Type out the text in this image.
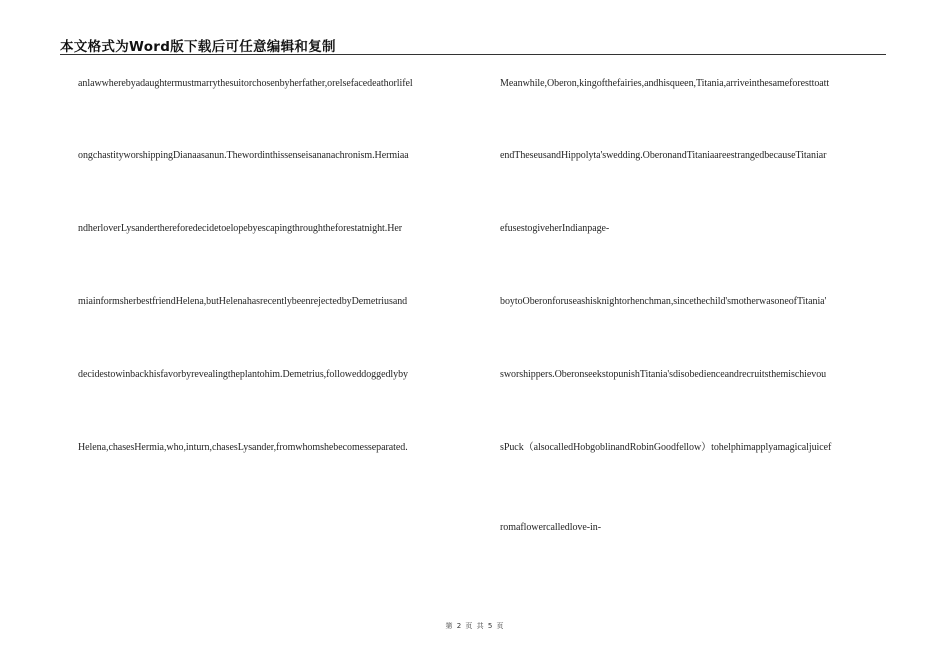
本文格式为Word版下载后可任意编辑和复制
anlawwherebyadaughtermustmarrythesuitorchosenbyherfather,orelsefacedeathorlifel
ongchastityworshippingDianaasanun.Thewordinthissenseisananachronism.Hermiaa
ndherloverLysanderthereforedecidetoelopebyescapingthroughtheforestatnight.Her
miainformsherbestfriendHelena,butHelenahasrecentlybeenrejectedbyDemetriusand
decidestowinbackhisfavorbyrevealingtheplantohim.Demetrius,followeddoggedlyby
Helena,chasesHermia,who,inturn,chasesLysander,fromwhomshebecomesseparated.
Meanwhile,Oberon,kingofthefairies,andhisqueen,Titania,arriveinthesameforesttoatt
endTheseusandHippolyta'swedding.OberonandTitaniaareestrangedbecauseTitaniar
efusestogiveherIndianpage-
boytoOberonforuseashisknightorhenchman,sincethechild'smotherwasoneofTitania'
sworshippers.OberonseekstopunishTitania'sdisobedienceandrecruitsthemischievou
sPuck（alsocalledHobgoblinandRobinGoodfellow）tohelphimapplyamagicaljuicef
romaflowercalledlove-in-
第 2 页 共 5 页
